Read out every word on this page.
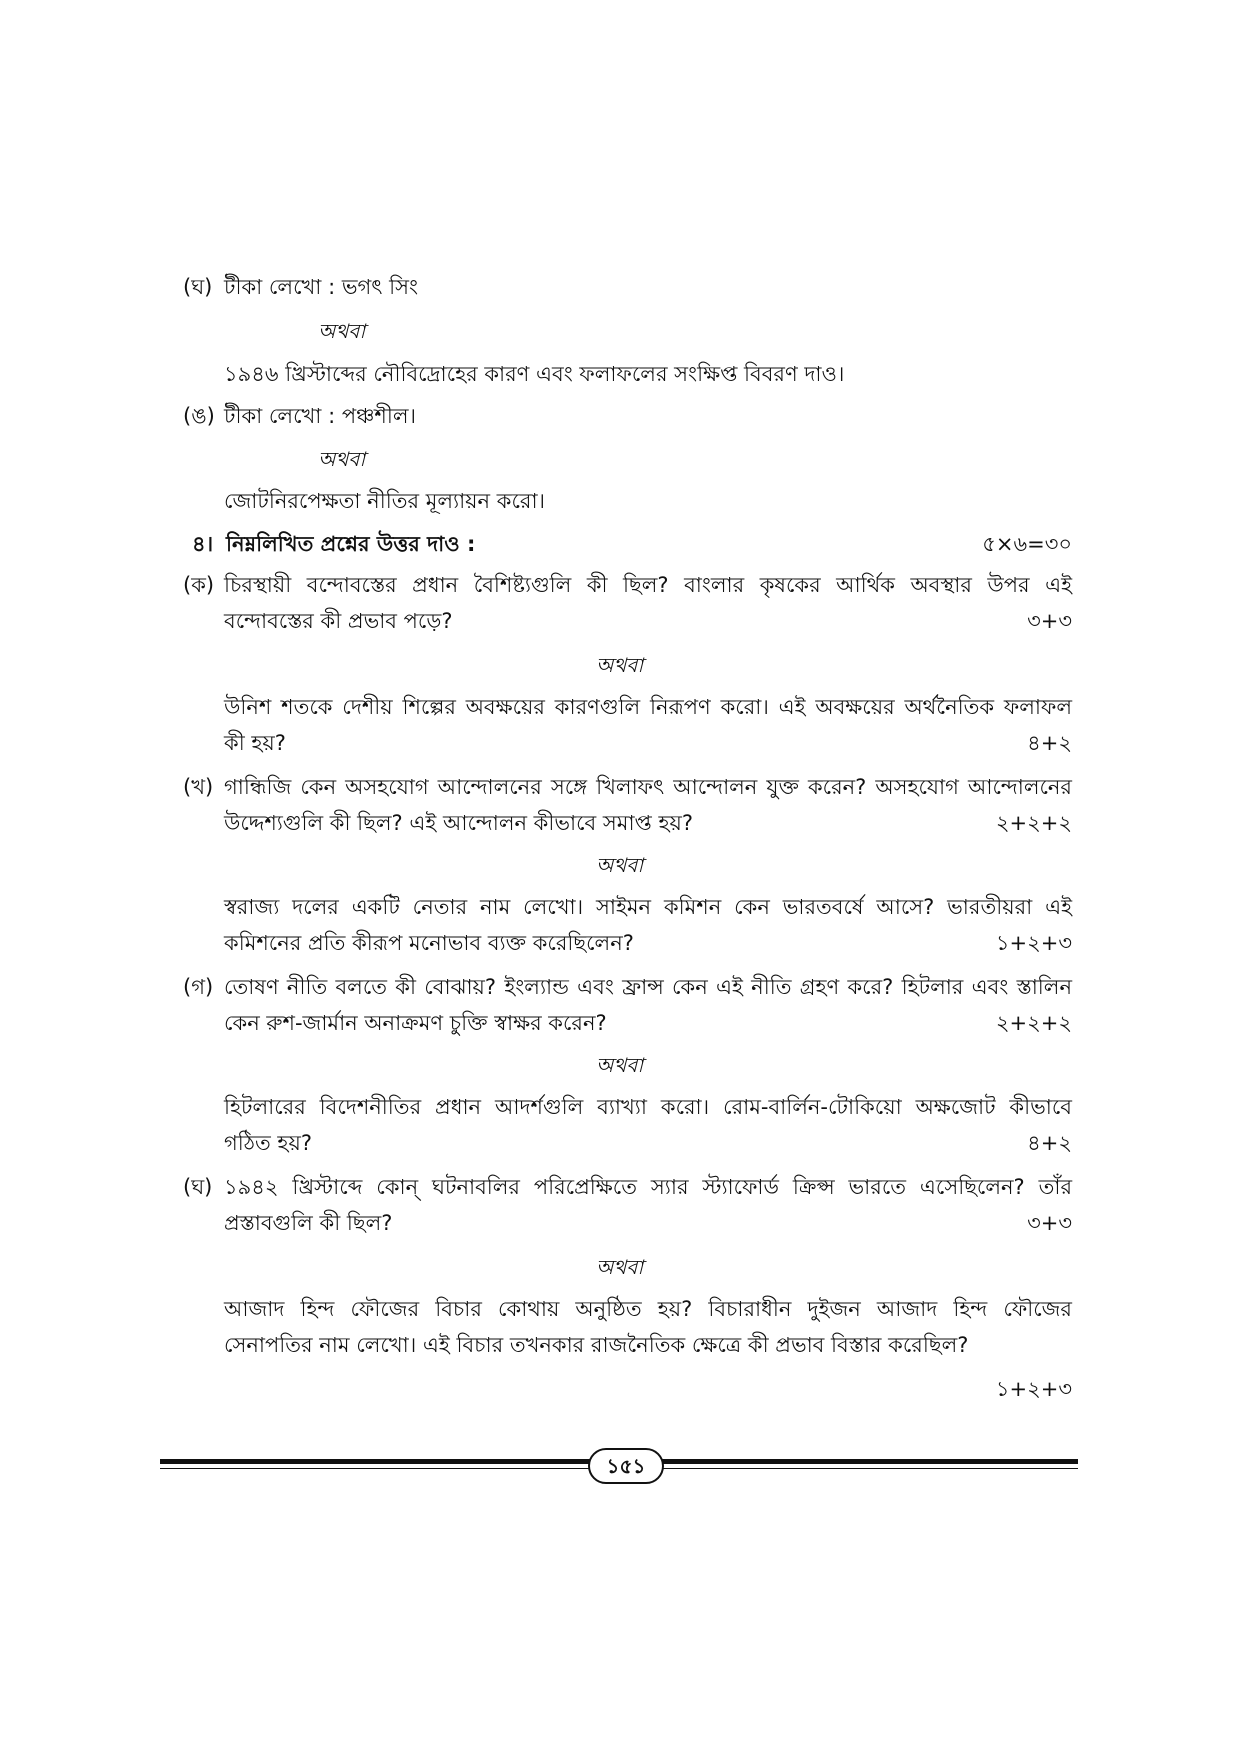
(ঘ) টীকা লেখো : ভগৎ সিং
অথবা
১৯৪৬ খ্রিস্টাব্দের নৌবিদ্রোহের কারণ এবং ফলাফলের সংক্ষিপ্ত বিবরণ দাও।
(ঙ) টীকা লেখো : পঞ্চশীল।
অথবা
জোটনিরপেক্ষতা নীতির মূল্যায়ন করো।
৪। নিম্নলিখিত প্রশ্নের উত্তর দাও :	৫×৬=৩০
(ক) চিরস্থায়ী বন্দোবস্তের প্রধান বৈশিষ্ট্যগুলি কী ছিল? বাংলার কৃষকের আর্থিক অবস্থার উপর এই
বন্দোবস্তের কী প্রভাব পড়ে?	৩+৩
অথবা
উনিশ শতকে দেশীয় শিল্পের অবক্ষয়ের কারণগুলি নিরূপণ করো। এই অবক্ষয়ের অর্থনৈতিক ফলাফল
কী হয়?	৪+২
(খ) গান্ধিজি কেন অসহযোগ আন্দোলনের সঙ্গে খিলাফৎ আন্দোলন যুক্ত করেন? অসহযোগ আন্দোলনের
উদ্দেশ্যগুলি কী ছিল? এই আন্দোলন কীভাবে সমাপ্ত হয়?	২+২+২
অথবা
স্বরাজ্য দলের একটি নেতার নাম লেখো। সাইমন কমিশন কেন ভারতবর্ষে আসে? ভারতীয়রা এই
কমিশনের প্রতি কীরূপ মনোভাব ব্যক্ত করেছিলেন?	১+২+৩
(গ) তোষণ নীতি বলতে কী বোঝায়? ইংল্যান্ড এবং ফ্রান্স কেন এই নীতি গ্রহণ করে? হিটলার এবং স্তালিন
কেন রুশ-জার্মান অনাক্রমণ চুক্তি স্বাক্ষর করেন?	২+২+২
অথবা
হিটলারের বিদেশনীতির প্রধান আদর্শগুলি ব্যাখ্যা করো। রোম-বার্লিন-টোকিয়ো অক্ষজোট কীভাবে
গঠিত হয়?	৪+২
(ঘ) ১৯৪২ খ্রিস্টাব্দে কোন্ ঘটনাবলির পরিপ্রেক্ষিতে স্যার স্ট্যাফোর্ড ক্রিপ্স ভারতে এসেছিলেন? তাঁর
প্রস্তাবগুলি কী ছিল?	৩+৩
অথবা
আজাদ হিন্দ ফৌজের বিচার কোথায় অনুষ্ঠিত হয়? বিচারাধীন দুইজন আজাদ হিন্দ ফৌজের
সেনাপতির নাম লেখো। এই বিচার তখনকার রাজনৈতিক ক্ষেত্রে কী প্রভাব বিস্তার করেছিল?
১+২+৩
১৫১
